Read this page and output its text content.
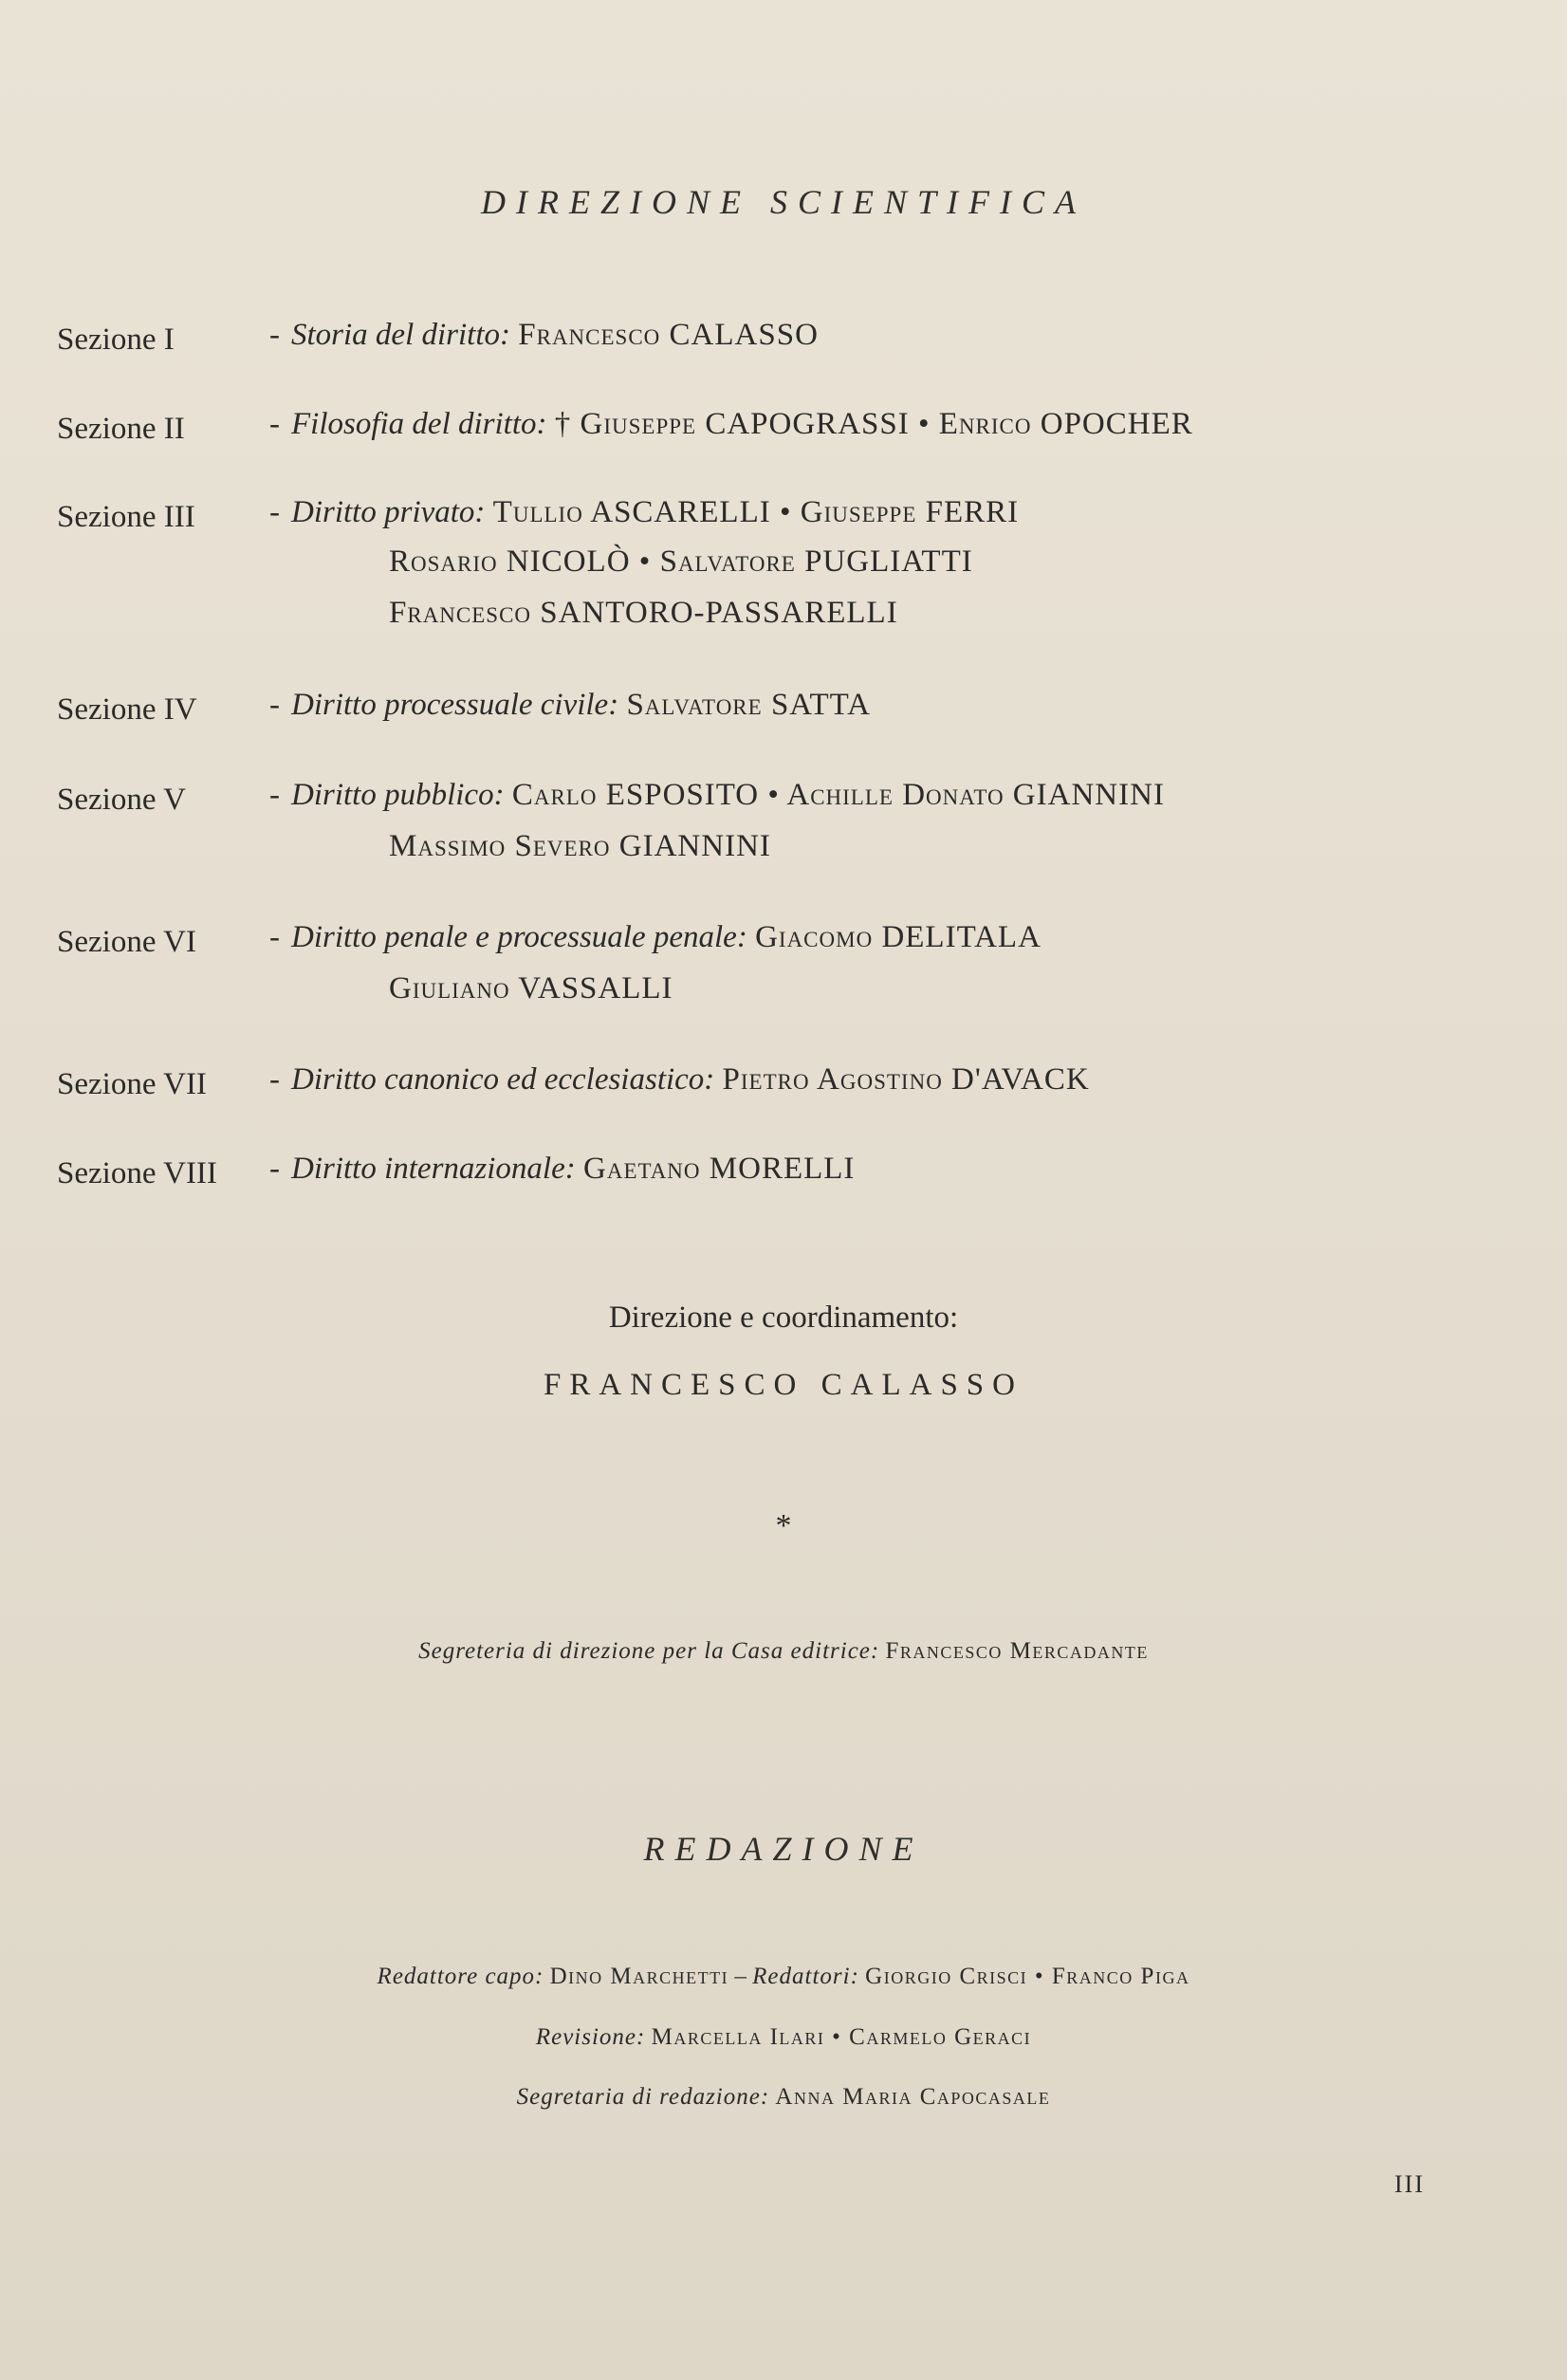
DIREZIONE SCIENTIFICA
Sezione I	- Storia del diritto: Francesco CALASSO
Sezione II	- Filosofia del diritto: † Giuseppe CAPOGRASSI • Enrico OPOCHER
Sezione III - Diritto privato: Tullio ASCARELLI • Giuseppe FERRI
Rosario NICOLÒ • Salvatore PUGLIATTI
Francesco SANTORO-PASSARELLI
Sezione IV - Diritto processuale civile: Salvatore SATTA
Sezione V	- Diritto pubblico: Carlo ESPOSITO • Achille Donato GIANNINI
Massimo Severo GIANNINI
Sezione VI - Diritto penale e processuale penale: Giacomo DELITALA
Giuliano VASSALLI
Sezione VII - Diritto canonico ed ecclesiastico: Pietro Agostino D'AVACK
Sezione VIII - Diritto internazionale: Gaetano MORELLI
Direzione e coordinamento:
FRANCESCO CALASSO
*
Segreteria di direzione per la Casa editrice: Francesco Mercadante
REDAZIONE
Redattore capo: Dino Marchetti – Redattori: Giorgio Crisci • Franco Piga
Revisione: Marcella Ilari • Carmelo Geraci
Segretaria di redazione: Anna Maria Capocasale
III
